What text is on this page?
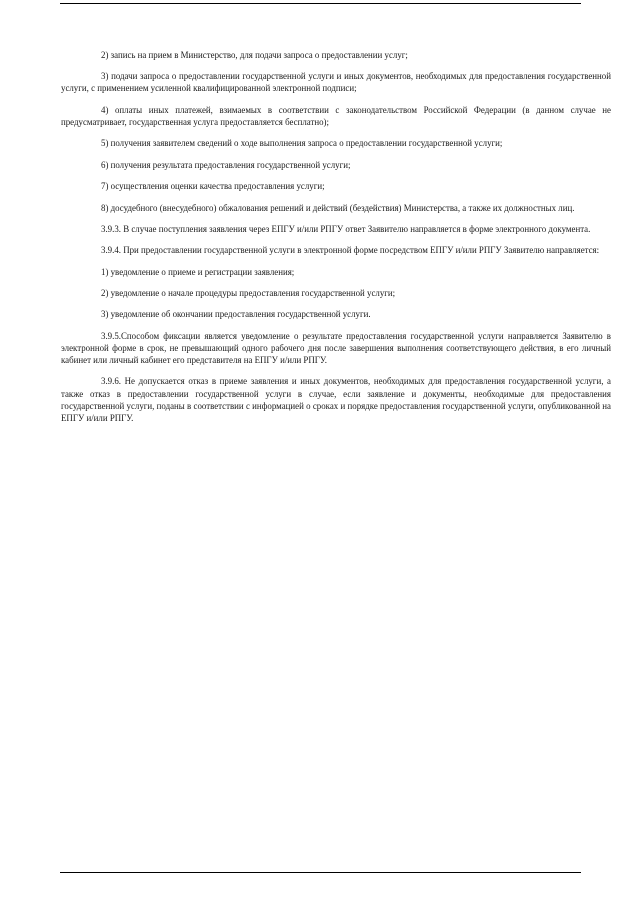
2) запись на прием в Министерство, для подачи запроса о предоставлении услуг;

3) подачи запроса о предоставлении государственной услуги и иных документов, необходимых для предоставления государственной услуги, с применением усиленной квалифицированной электронной подписи;

4) оплаты иных платежей, взимаемых в соответствии с законодательством Российской Федерации (в данном случае не предусматривает, государственная услуга предоставляется бесплатно);

5) получения заявителем сведений о ходе выполнения запроса о предоставлении государственной услуги;

6) получения результата предоставления государственной услуги;

7) осуществления оценки качества предоставления услуги;

8) досудебного (внесудебного) обжалования решений и действий (бездействия) Министерства, а также их должностных лиц.

3.9.3. В случае поступления заявления через ЕПГУ и/или РПГУ ответ Заявителю направляется в форме электронного документа.

3.9.4. При предоставлении государственной услуги в электронной форме посредством ЕПГУ и/или РПГУ Заявителю направляется:

1) уведомление о приеме и регистрации заявления;

2) уведомление о начале процедуры предоставления государственной услуги;

3) уведомление об окончании предоставления государственной услуги.

3.9.5.Способом фиксации является уведомление о результате предоставления государственной услуги направляется Заявителю в электронной форме в срок, не превышающий одного рабочего дня после завершения выполнения соответствующего действия, в его личный кабинет или личный кабинет его представителя на ЕПГУ и/или РПГУ.

3.9.6. Не допускается отказ в приеме заявления и иных документов, необходимых для предоставления государственной услуги, а также отказ в предоставлении государственной услуги в случае, если заявление и документы, необходимые для предоставления государственной услуги, поданы в соответствии с информацией о сроках и порядке предоставления государственной услуги, опубликованной на ЕПГУ и/или РПГУ.
